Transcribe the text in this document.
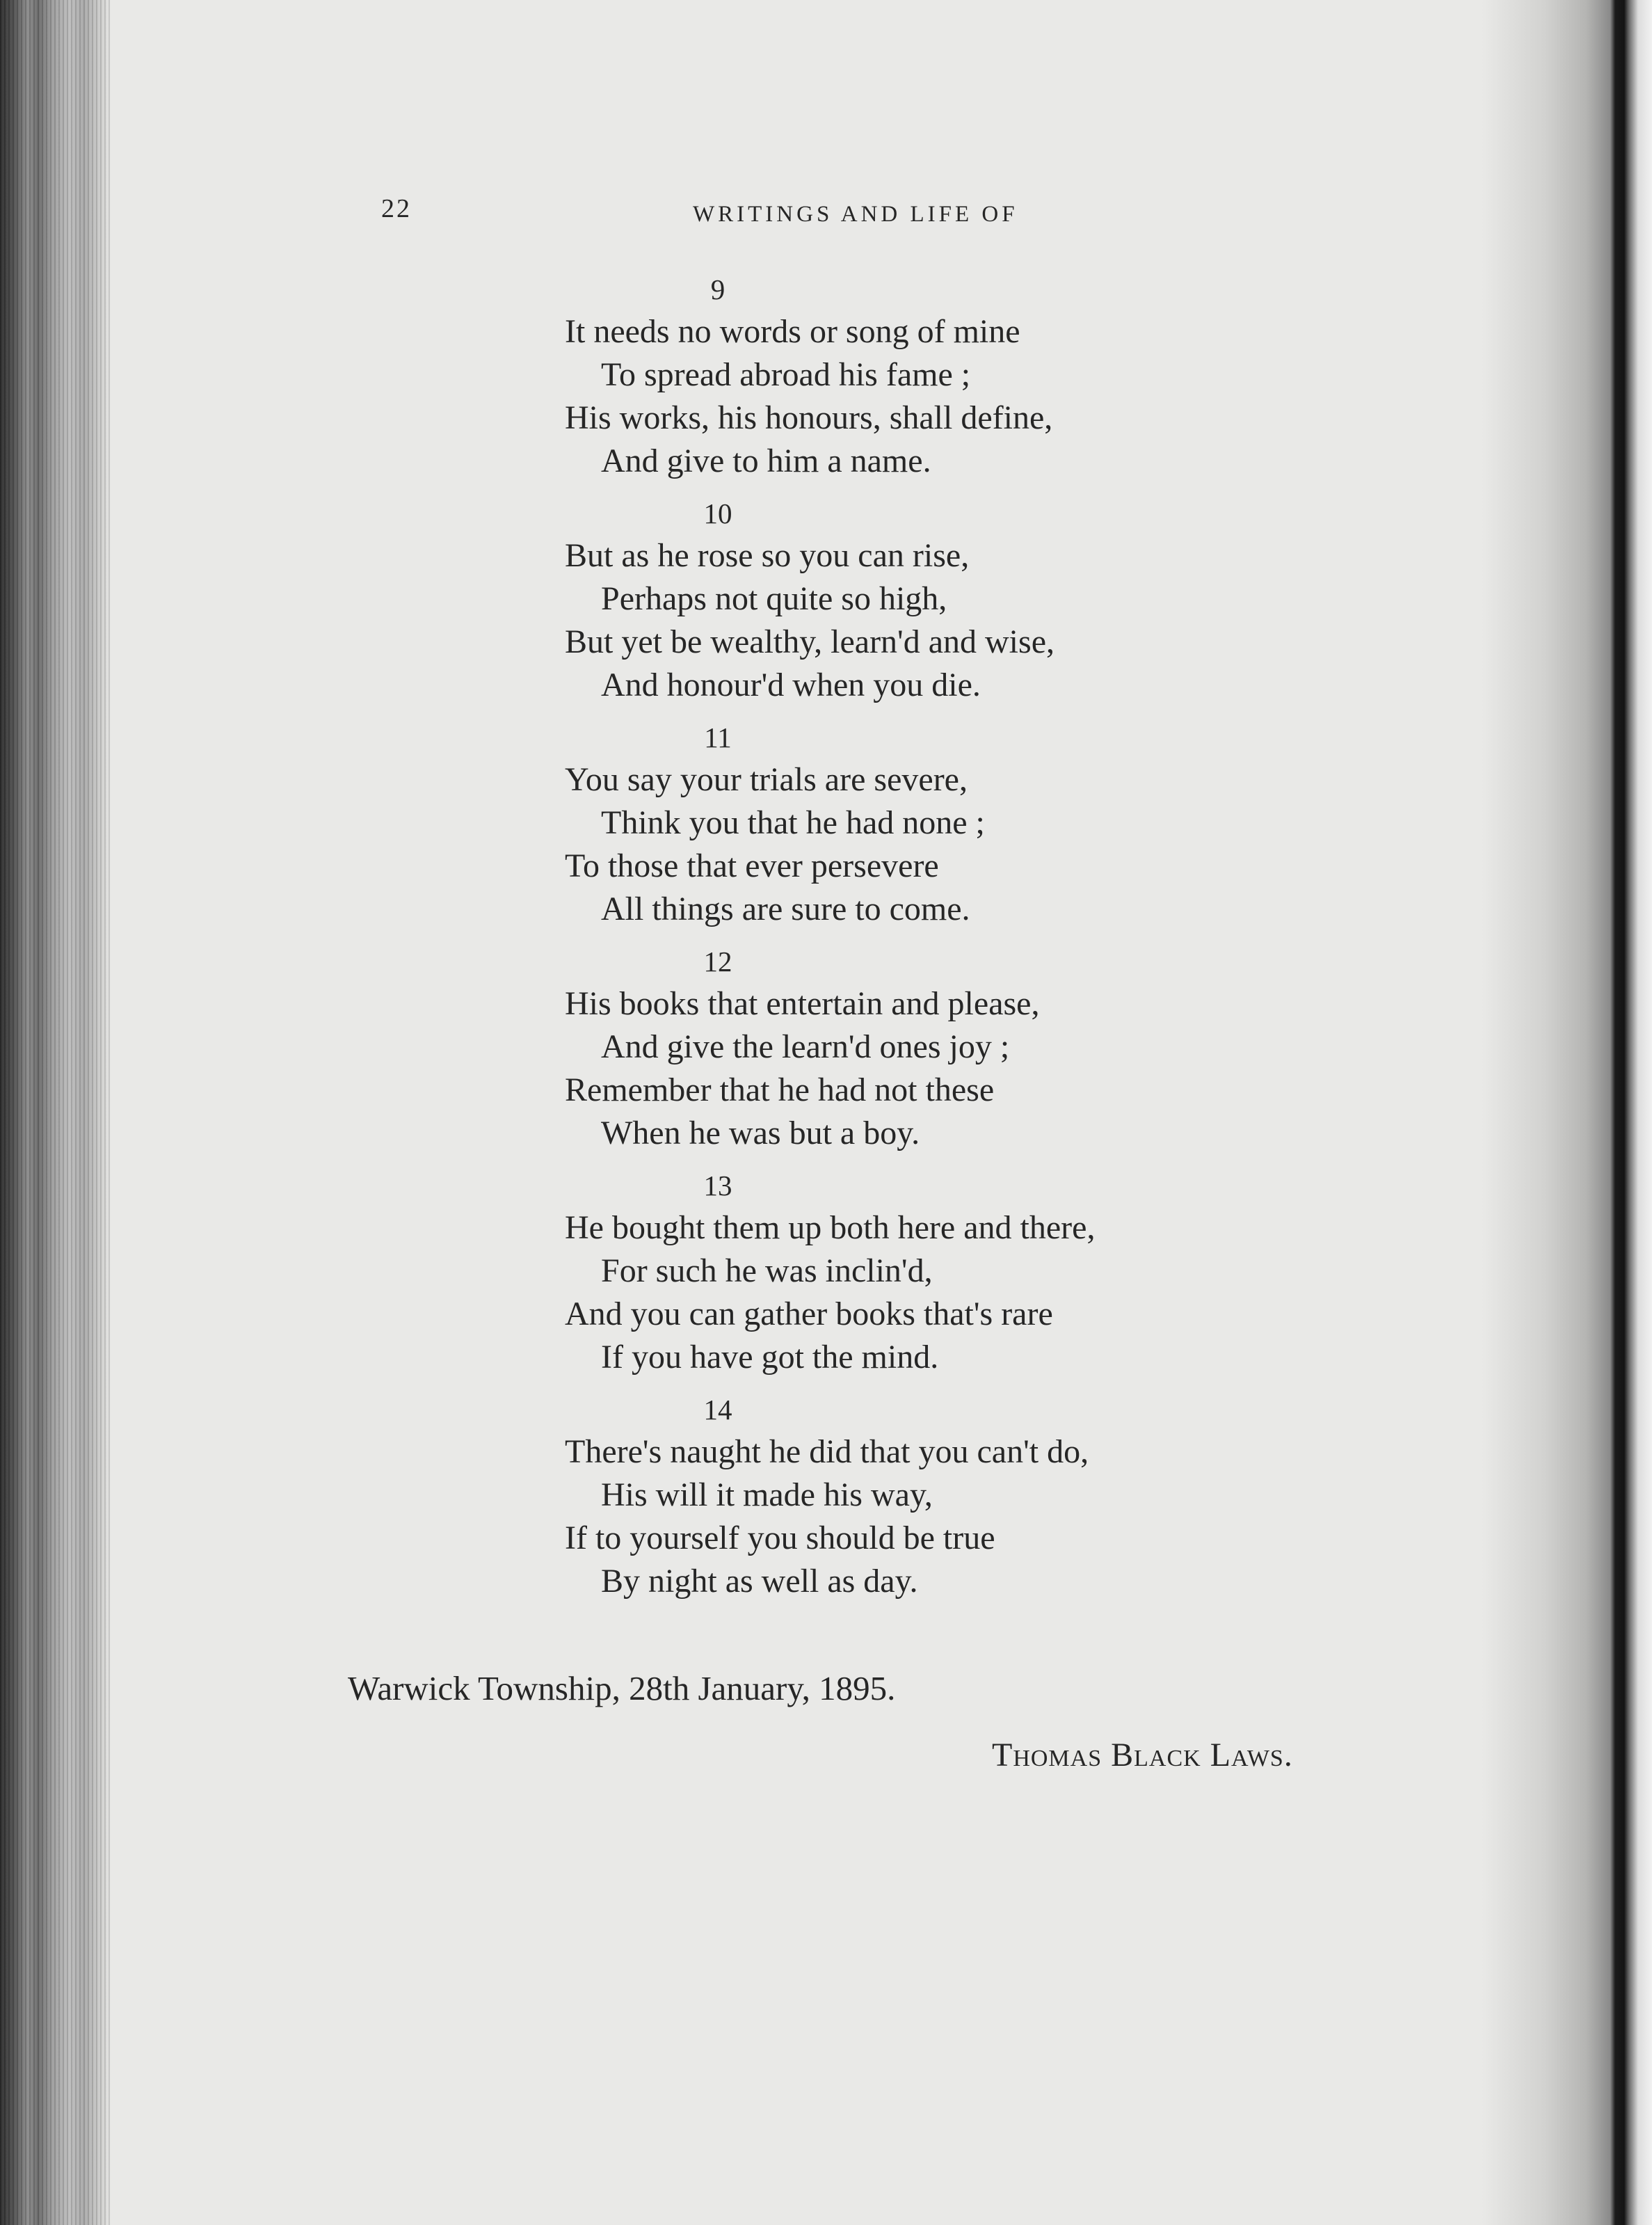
22	WRITINGS AND LIFE OF
9
It needs no words or song of mine
To spread abroad his fame ;
His works, his honours, shall define,
And give to him a name.
10
But as he rose so you can rise,
Perhaps not quite so high,
But yet be wealthy, learn'd and wise,
And honour'd when you die.
11
You say your trials are severe,
Think you that he had none ;
To those that ever persevere
All things are sure to come.
12
His books that entertain and please,
And give the learn'd ones joy ;
Remember that he had not these
When he was but a boy.
13
He bought them up both here and there,
For such he was inclin'd,
And you can gather books that's rare
If you have got the mind.
14
There's naught he did that you can't do,
His will it made his way,
If to yourself you should be true
By night as well as day.
Warwick Township, 28th January, 1895.
Thomas Black Laws.
